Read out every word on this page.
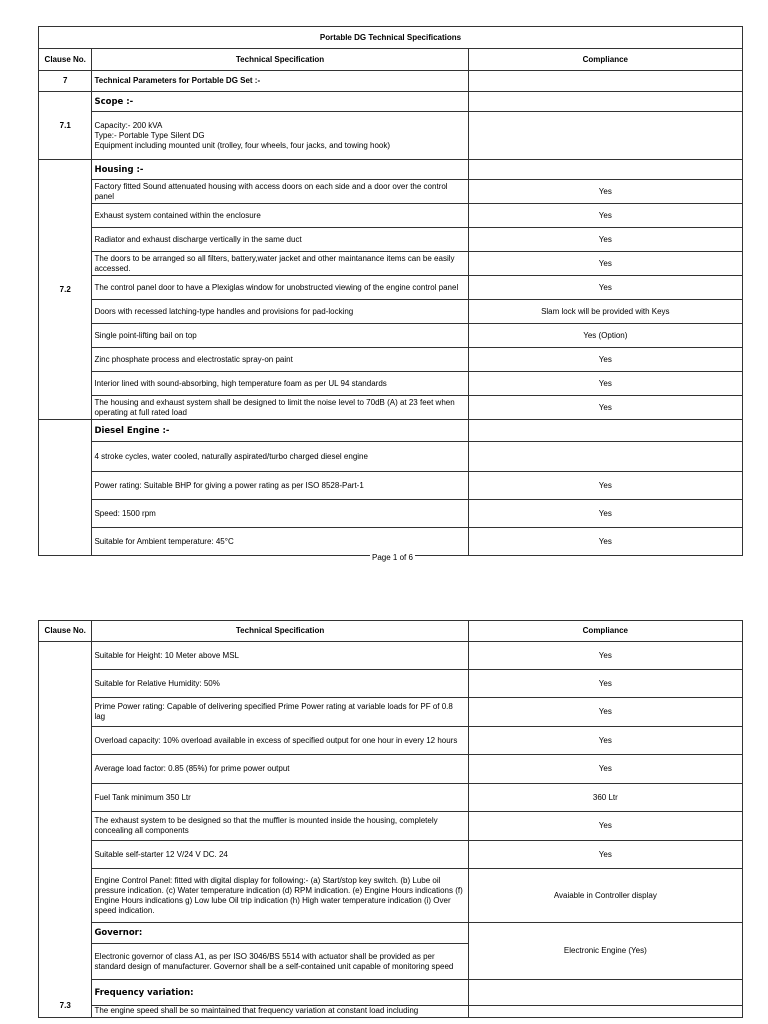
Portable DG Technical Specifications		
Clause No.	Technical Specification	Compliance
7	Technical Parameters for Portable DG Set :-	
7.1	Scope :-	

	Capacity:- 200 kVA
Type:- Portable Type Silent DG
Equipment including mounted unit (trolley, four wheels, four jacks, and towing hook)	

7.2	Housing :-	
	Factory fitted Sound attenuated housing with access doors on each side and a door over the control panel	Yes
	Exhaust system contained within the enclosure	Yes
	Radiator and exhaust discharge vertically in the same duct	Yes
	The doors to be arranged so all filters, battery,water jacket and other maintanance items can be easily accessed.	Yes
	The control panel door to have a Plexiglas window for unobstructed viewing of the engine control panel	Yes
	Doors with recessed latching-type handles and provisions for pad-locking	Slam lock will be provided with Keys
	Single point-lifting bail on top	Yes (Option)
	Zinc phosphate process and electrostatic spray-on paint	Yes
	Interior lined with sound-absorbing, high temperature foam as per UL 94 standards	Yes
	The housing and exhaust system shall be designed to limit the noise level to 70dB (A) at 23 feet when operating at full rated load	Yes
	Diesel Engine :-	
	4 stroke cycles, water cooled, naturally aspirated/turbo charged diesel engine	
	Power rating: Suitable BHP for giving a power rating as per ISO 8528-Part-1	Yes
	Speed: 1500 rpm	Yes
	Suitable for Ambient temperature: 45°C	Yes
Page 1 of 6
Clause No.	Technical Specification	Compliance
7.3	Suitable for Height: 10 Meter above MSL	Yes
	Suitable for Relative Humidity: 50%	Yes
	Prime Power rating: Capable of delivering specified Prime Power rating at variable loads for PF of 0.8 lag	Yes
	Overload capacity: 10% overload available in excess of specified output for one hour in every 12 hours	Yes
	Average load factor: 0.85 (85%) for prime power output	Yes
	Fuel Tank minimum 350 Ltr	360 Ltr
	The exhaust system to be designed so that the muffler is mounted inside the housing, completely concealing all components	Yes
	Suitable self-starter 12 V/24 V DC. 24	Yes
	Engine Control Panel: fitted with digital display for following:- (a) Start/stop key switch. (b) Lube oil pressure indication. (c) Water temperature indication (d) RPM indication. (e) Engine Hours indications (f) Engine Hours indications g) Low lube Oil trip indication (h) High water temperature indication (i) Over speed indication.	Avaiable in Controller display
	Governor:	Electronic Engine (Yes)
	Electronic governor of class A1, as per ISO 3046/BS 5514 with actuator shall be provided as per standard design of manufacturer. Governor shall be a self-contained unit capable of monitoring speed	
	Frequency variation:	
	The engine speed shall be so maintained that frequency variation at constant load including	
